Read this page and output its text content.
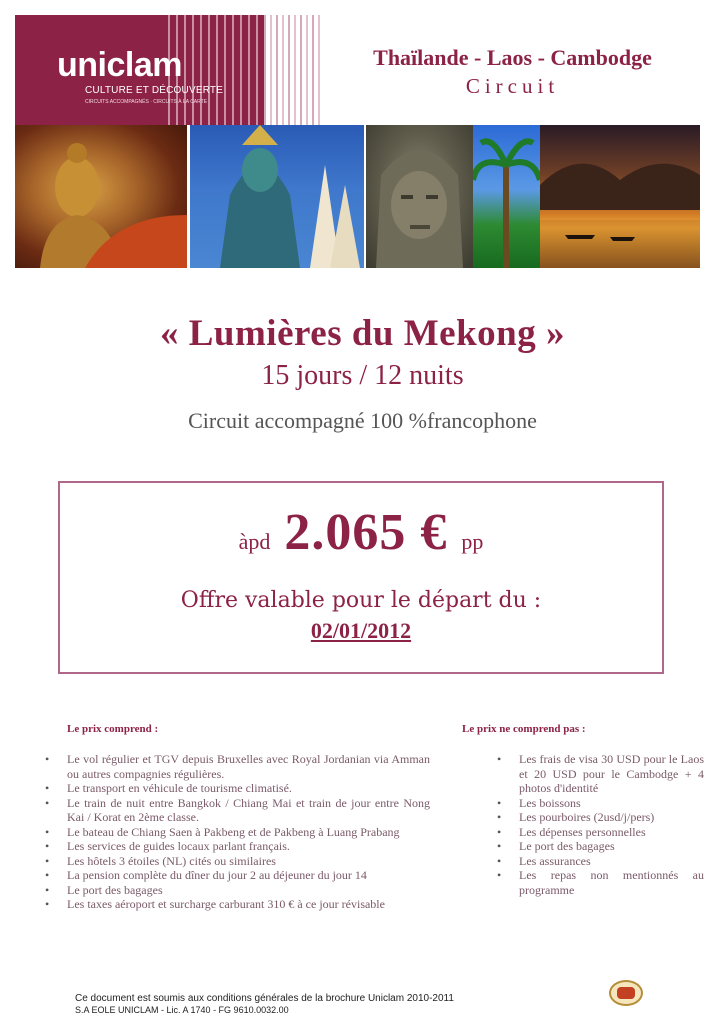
uniclam
CULTURE ET DÉCOUVERTE
CIRCUITS ACCOMPAGNÉS · CIRCUITS À LA CARTE
Thaïlande - Laos - Cambodge
Circuit
« Lumières du Mekong »
15 jours / 12 nuits
Circuit accompagné 100 %francophone
àpd 2.065 € pp
Offre valable pour le départ du :
02/01/2012
Le prix comprend :	Le prix ne comprend pas :
• Le vol régulier et TGV depuis Bruxelles avec Royal Jordanian via Amman ou autres compagnies régulières.
• Le transport en véhicule de tourisme climatisé.
• Le train de nuit entre Bangkok / Chiang Mai et train de jour entre Nong Kai / Korat en 2ème classe.
• Le bateau de Chiang Saen à Pakbeng et de Pakbeng à Luang Prabang
• Les services de guides locaux parlant français.
• Les hôtels 3 étoiles (NL) cités ou similaires
• La pension complète du dîner du jour 2 au déjeuner du jour 14
• Le port des bagages
• Les taxes aéroport et surcharge carburant 310 € à ce jour révisable
• Les frais de visa 30 USD pour le Laos et 20 USD pour le Cambodge + 4 photos d'identité
• Les boissons
• Les pourboires (2usd/j/pers)
• Les dépenses personnelles
• Le port des bagages
• Les assurances
• Les repas non mentionnés au programme
Ce document est soumis aux conditions générales de la brochure Uniclam 2010-2011
S.A EOLE UNICLAM - Lic. A 1740 - FG 9610.0032.00
